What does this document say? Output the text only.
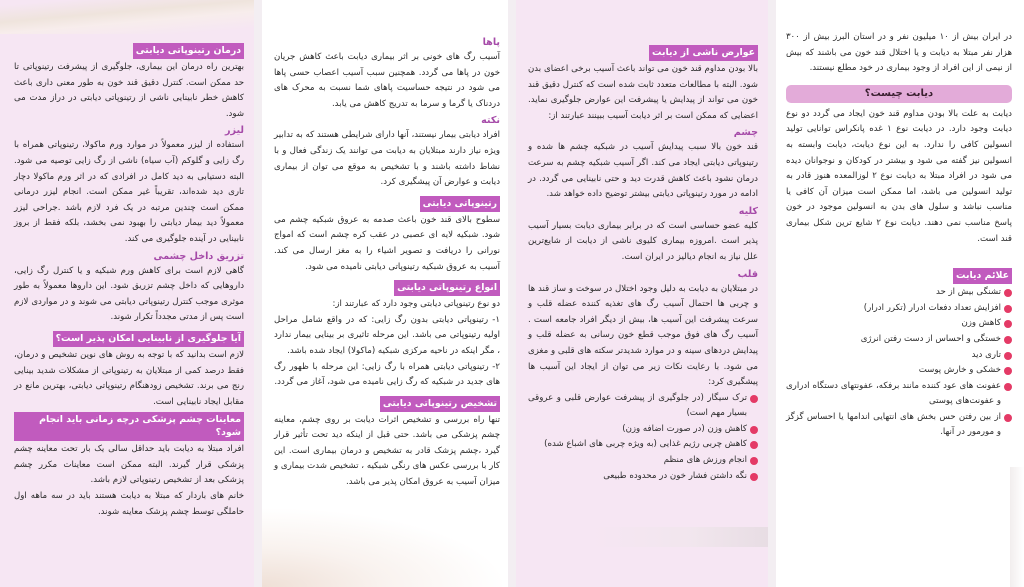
درمان رتینوپاتی دیابتی

بهترین راه درمان این بیماری، جلوگیری از پیشرفت رتینوپاتی تا حد ممکن است. کنترل دقیق قند خون به طور معنی داری باعث کاهش خطر نابینایی ناشی از رتینوپاتی دیابتی در دراز مدت می شود.

لیزر

استفاده از لیزر معمولاً در موارد ورم ماکولا، رتینوپاتی همراه با رگ زایی و گلوکم (آب سیاه) ناشی از رگ زایی توصیه می شود. البته دستیابی به دید کامل در افرادی که در اثر ورم ماکولا دچار تاری دید شده‌اند، تقریباً غیر ممکن است. انجام لیزر درمانی ممکن است چندین مرتبه در یک فرد لازم باشد .جراحی لیزر معمولاً دید بیمار دیابتی را بهبود نمی بخشد، بلکه فقط از بروز نابینایی در آینده جلوگیری می کند.

تزریق داخل چشمی

گاهی لازم است برای کاهش ورم شبکیه و یا کنترل رگ زایی، داروهایی که داخل چشم تزریق شود. این داروها معمولاً به طور موثری موجب کنترل رتینوپاتی دیابتی می شوند و در مواردی لازم است پس از مدتی مجدداً تکرار شوند.

آیا جلوگیری از نابینایی امکان پذیر است؟

لازم است بدانید که با توجه به روش های نوین تشخیص و درمان، فقط درصد کمی از مبتلایان به رتینوپاتی از مشکلات شدید بینایی رنج می برند. تشخیص زودهنگام رتینوپاتی دیابتی، بهترین مانع در مقابل ایجاد نابینایی است.

معاینات چشم پزشکی درچه زمانی باید انجام شود؟

افراد مبتلا به دیابت باید حداقل سالی یک بار تحت معاینه چشم پزشکی قرار گیرند. البته ممکن است معاینات مکرر چشم پزشکی بعد از تشخیص رتینوپاتی لازم باشد.

خانم های باردار که مبتلا به دیابت هستند باید در سه ماهه اول حاملگی توسط چشم پزشک معاینه شوند.

پاها

آسیب رگ های خونی بر اثر بیماری دیابت باعث کاهش جریان خون در پاها می گردد. همچنین سبب آسیب اعصاب حسی پاها می شود در نتیجه حساسیت پاهای شما نسبت به محرک های دردناک یا گرما و سرما به تدریج کاهش می یابد.

نکته

افراد دیابتی بیمار نیستند، آنها دارای شرایطی هستند که به تدابیر ویژه نیاز دارند مبتلایان به دیابت می توانند یک زندگی فعال و با نشاط داشته باشند و با تشخیص به موقع می توان از بیماری دیابت و عوارض آن پیشگیری کرد.

رتینوپاتی دیابتی

سطوح بالای قند خون باعث صدمه به عروق شبکیه چشم می شود. شبکیه لایه ای عصبی در عقب کره چشم است که امواج نورانی را دریافت و تصویر اشیاء را به مغز ارسال می کند. آسیب به عروق شبکیه رتینوپاتی دیابتی نامیده می شود.

انواع رتینوپاتی دیابتی

دو نوع رتینوپاتی دیابتی وجود دارد که عبارتند از:

۱- رتینوپاتی دیابتی بدون رگ زایی: که در واقع شامل مراحل اولیه رتینوپاتی می باشد. این مرحله تاثیری بر بینایی بیمار ندارد ، مگر اینکه در ناحیه مرکزی شبکیه (ماکولا) ایجاد شده باشد.

۲- رتینوپاتی دیابتی همراه با رگ زایی: این مرحله با ظهور رگ های جدید در شبکیه که رگ زایی نامیده می شود، آغاز می گردد.

تشخیص رتینوپاتی دیابتی

تنها راه بررسی و تشخیص اثرات دیابت بر روی چشم، معاینه چشم پزشکی می باشد. حتی قبل از اینکه دید تحت تأثیر قرار گیرد ،چشم پزشک قادر به تشخیص و درمان بیماری است. این کار با بررسی عکس های رنگی شبکیه ، تشخیص شدت بیماری و میزان آسیب به عروق امکان پذیر می باشد.

عوارض ناشی از دیابت

بالا بودن مداوم قند خون می تواند باعث آسیب برخی اعضای بدن شود. البته با مطالعات متعدد ثابت شده است که کنترل دقیق قند خون می تواند از پیدایش یا پیشرفت این عوارض جلوگیری نماید. اعضایی که ممکن است بر اثر دیابت آسیب ببینند عبارتند از:

چشم

قند خون بالا سبب پیدایش آسیب در شبکیه چشم ها شده و رتینوپاتی دیابتی ایجاد می کند. اگر آسیب شبکیه چشم به سرعت درمان نشود باعث کاهش قدرت دید و حتی نابینایی می گردد. در ادامه در مورد رتینوپاتی دیابتی بیشتر توضیح داده خواهد شد.

کلیه

کلیه عضو حساسی است که در برابر بیماری دیابت بسیار آسیب پذیر است .امروزه بیماری کلیوی ناشی از دیابت از شایع‌ترین علل نیاز به انجام دیالیز در ایران است.

قلب

در مبتلایان به دیابت به دلیل وجود اختلال در سوخت و ساز قند ها و چربی ها احتمال آسیب رگ های تغذیه کننده عضله قلب و سرعت پیشرفت این آسیب ها، بیش از دیگر افراد جامعه است . آسیب رگ های فوق موجب قطع خون رسانی به عضله قلب و پیدایش دردهای سینه و در موارد شدیدتر سکته های قلبی و مغزی می شود. با رعایت نکات زیر می توان از ایجاد این آسیب ها پیشگیری کرد:

ترک سیگار (در جلوگیری از پیشرفت عوارض قلبی و عروقی بسیار مهم است)
کاهش وزن (در صورت اضافه وزن)
کاهش چربی رژیم غذایی (به ویژه چربی های اشباع شده)
انجام ورزش های منظم
نگه داشتن فشار خون در محدوده طبیعی

در ایران بیش از ۱۰ میلیون نفر و در استان البرز بیش از ۳۰۰ هزار نفر مبتلا به دیابت و یا اختلال قند خون می باشند که بیش از نیمی از این افراد از وجود بیماری در خود مطلع نیستند.

دیابت چیست؟

دیابت به علت بالا بودن مداوم قند خون ایجاد می گردد دو نوع دیابت وجود دارد. در دیابت نوع ۱ غده پانکراس توانایی تولید انسولین کافی را ندارد. به این نوع دیابت، دیابت وابسته به انسولین نیز گفته می شود و بیشتر در کودکان و نوجوانان دیده می شود در افراد مبتلا به دیابت نوع ۲ لوزالمعده هنوز قادر به تولید انسولین می باشد، اما ممکن است میزان آن کافی یا مناسب نباشد و سلول های بدن به انسولین موجود در خون پاسخ مناسب نمی دهند. دیابت نوع ۲ شایع ترین شکل بیماری قند است.

علائم دیابت
تشنگی بیش از حد
افزایش تعداد دفعات ادرار (تکرر ادرار)
کاهش وزن
خستگی و احساس از دست رفتن انرژی
تاری دید
خشکی و خارش پوست
عفونت های عود کننده مانند برفکه، عفونتهای دستگاه ادراری و عفونت‌های پوستی
از بین رفتن حس بخش های انتهایی اندامها یا احساس گزگز و مورمور در آنها.
